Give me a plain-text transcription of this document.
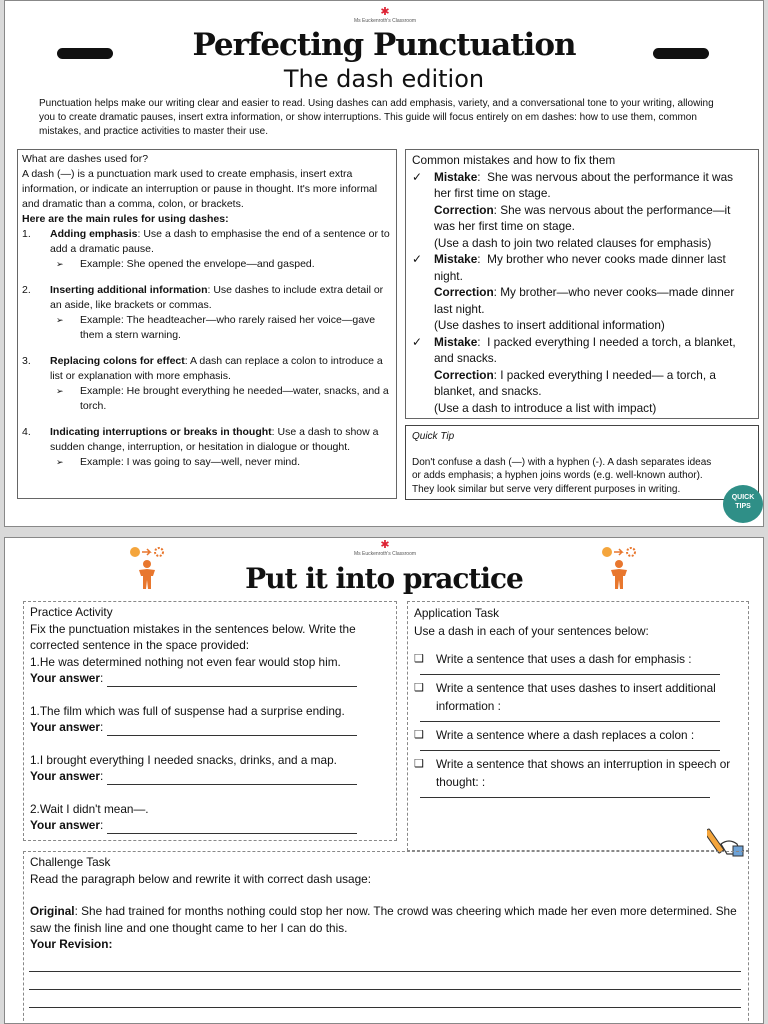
✱
Ms Euckenroth's Classroom
Perfecting Punctuation
The dash edition
Punctuation helps make our writing clear and easier to read. Using dashes can add emphasis, variety, and a conversational tone to your writing, allowing you to create dramatic pauses, insert extra information, or show interruptions. This guide will focus entirely on em dashes: how to use them, common mistakes, and practice activities to master their use.
What are dashes used for?
A dash (—) is a punctuation mark used to create emphasis, insert extra information, or indicate an interruption or pause in thought. It's more informal and dramatic than a comma, colon, or brackets.
Here are the main rules for using dashes:
1.	Adding emphasis: Use a dash to emphasise the end of a sentence or to add a dramatic pause.
➢	Example: She opened the envelope—and gasped.
2.	Inserting additional information: Use dashes to include extra detail or an aside, like brackets or commas.
➢	Example: The headteacher—who rarely raised her voice—gave them a stern warning.
3.	Replacing colons for effect: A dash can replace a colon to introduce a list or explanation with more emphasis.
➢	Example: He brought everything he needed—water, snacks, and a torch.
4.	Indicating interruptions or breaks in thought: Use a dash to show a sudden change, interruption, or hesitation in dialogue or thought.
➢	Example: I was going to say—well, never mind.
Common mistakes and how to fix them
✓	Mistake:  She was nervous about the performance it was her first time on stage.
Correction: She was nervous about the performance—it was her first time on stage.
(Use a dash to join two related clauses for emphasis)
✓	Mistake:  My brother who never cooks made dinner last night.
Correction: My brother—who never cooks—made dinner last night.
(Use dashes to insert additional information)
✓	Mistake:  I packed everything I needed a torch, a blanket, and snacks.
Correction: I packed everything I needed— a torch, a blanket, and snacks.
(Use a dash to introduce a list with impact)
Quick Tip
Don't confuse a dash (—) with a hyphen (-). A dash separates ideas or adds emphasis; a hyphen joins words (e.g. well-known author). They look similar but serve very different purposes in writing.
QUICK TIPS
✱
Ms Euckenroth's Classroom
Put it into practice
Practice Activity
Fix the punctuation mistakes in the sentences below. Write the corrected sentence in the space provided:
1.He was determined nothing not even fear would stop him.
Your answer:
1.The film which was full of suspense had a surprise ending.
Your answer:
1.I brought everything I needed snacks, drinks, and a map.
Your answer:
2.Wait I didn't mean—.
Your answer:
Application Task
Use a dash in each of your sentences below:
❑	Write a sentence that uses a dash for emphasis :
❑	Write a sentence that uses dashes to insert additional information :
❑	Write a sentence where a dash replaces a colon :
❑	Write a sentence that shows an interruption in speech or thought: :
Challenge Task
Read the paragraph below and rewrite it with correct dash usage:
Original: She had trained for months nothing could stop her now. The crowd was cheering which made her even more determined. She saw the finish line and one thought came to her I can do this.
Your Revision:
